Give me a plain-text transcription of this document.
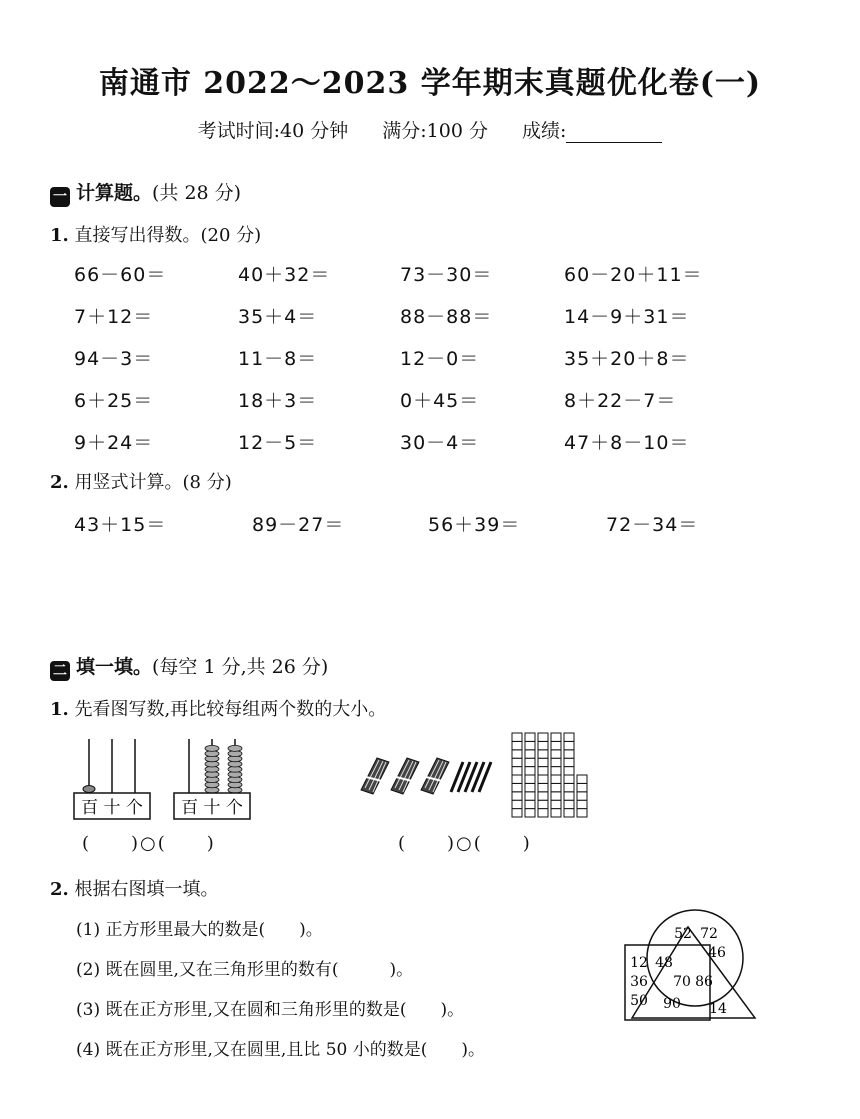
南通市 2022～2023 学年期末真题优化卷(一)
考试时间:40 分钟 满分:100 分 成绩:
一 计算题。(共 28 分)
1. 直接写出得数。(20 分)
66－60＝	40＋32＝	73－30＝	60－20＋11＝
7＋12＝	35＋4＝	88－88＝	14－9＋31＝
94－3＝	11－8＝	12－0＝	35＋20＋8＝
6＋25＝	18＋3＝	0＋45＝	8＋22－7＝
9＋24＝	12－5＝	30－4＝	47＋8－10＝
2. 用竖式计算。(8 分)
43＋15＝	89－27＝	56＋39＝	72－34＝
二 填一填。(每空 1 分,共 26 分)
1. 先看图写数,再比较每组两个数的大小。
百 十 个 百 十 个
(　　)○(　　)	(　　)○(　　)
2. 根据右图填一填。
(1) 正方形里最大的数是(　　)。
(2) 既在圆里,又在三角形里的数有(　　　)。
(3) 既在正方形里,又在圆和三角形里的数是(　　)。
(4) 既在正方形里,又在圆里,且比 50 小的数是(　　)。
52 72
46
12 48
36 70 86
50 90 14
